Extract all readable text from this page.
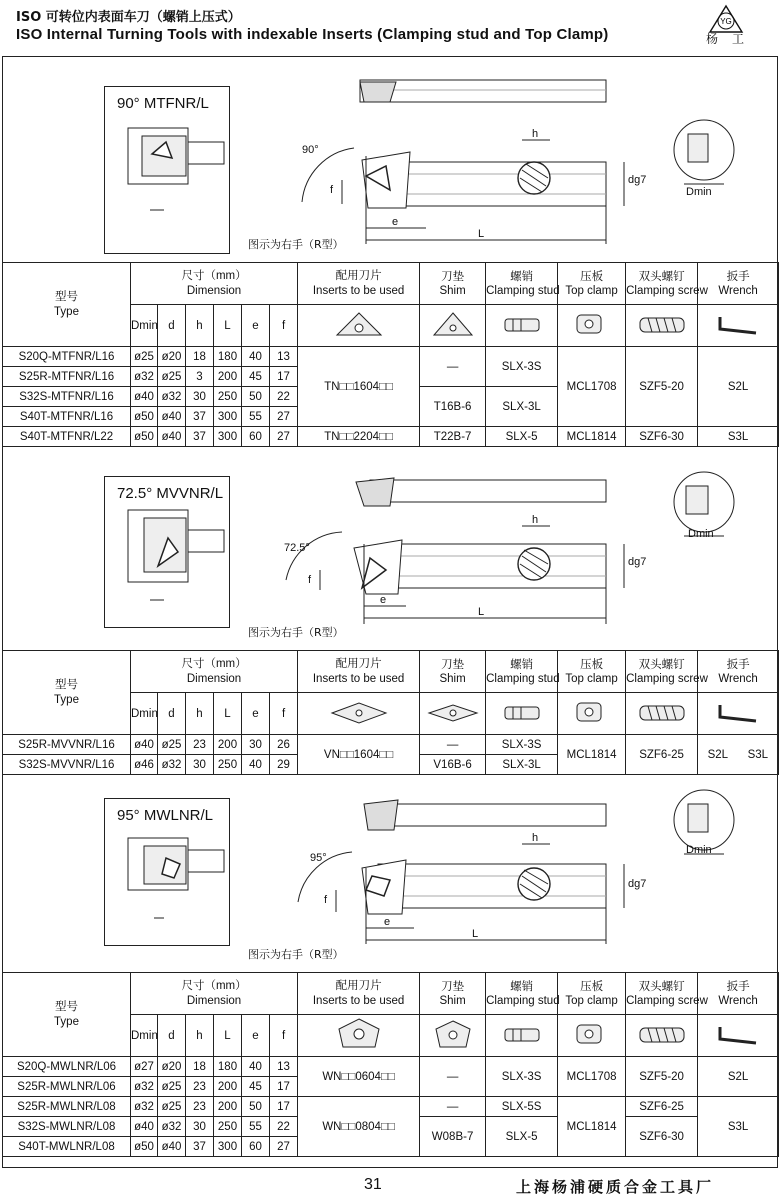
ISO 可转位内表面车刀（螺销上压式）
ISO Internal Turning Tools with indexable Inserts (Clamping stud and Top Clamp)
YG
杨工
90° MTFNR/L
h
f
e
L
dg7
90°
Dmin
图示为右手（R型）
型号
Type	尺寸（mm）
Dimension						配用刀片
Inserts to be used	刀垫
Shim	螺销
Clamping stud	压板
Top clamp	双头螺钉
Clamping screw	扳手
Wrench
	Dmin	d	h	L	e	f						
S20Q-MTFNR/L16	ø25	ø20	18	180	40	13	TN□□1604□□	—	SLX-3S	MCL1708	SZF5-20	S2L
S25R-MTFNR/L16	ø32	ø25	3	200	45	17						
S32S-MTFNR/L16	ø40	ø32	30	250	50	22		T16B-6	SLX-3L			
S40T-MTFNR/L16	ø50	ø40	37	300	55	27						
S40T-MTFNR/L22	ø50	ø40	37	300	60	27	TN□□2204□□	T22B-7	SLX-5	MCL1814	SZF6-30	S3L
72.5° MVVNR/L
h
f
e
L
dg7
72.5°
Dmin
图示为右手（R型）
型号
Type	尺寸（mm）
Dimension						配用刀片
Inserts to be used	刀垫
Shim	螺销
Clamping stud	压板
Top clamp	双头螺钉
Clamping screw	扳手
Wrench	
	Dmin	d	h	L	e	f						
S25R-MVVNR/L16	ø40	ø25	23	200	30	26	VN□□1604□□	—	SLX-3S	MCL1814	SZF6-25	S2L	S3L
S32S-MVVNR/L16	ø46	ø32	30	250	40	29		V16B-6	SLX-3L				
95° MWLNR/L
h
f
e
L
dg7
95°
Dmin
图示为右手（R型）
型号
Type	尺寸（mm）
Dimension						配用刀片
Inserts to be used	刀垫
Shim	螺销
Clamping stud	压板
Top clamp	双头螺钉
Clamping screw	扳手
Wrench
	Dmin	d	h	L	e	f						
S20Q-MWLNR/L06	ø27	ø20	18	180	40	13	WN□□0604□□	—	SLX-3S	MCL1708	SZF5-20	S2L
S25R-MWLNR/L06	ø32	ø25	23	200	45	17						
S25R-MWLNR/L08	ø32	ø25	23	200	50	17	WN□□0804□□	—	SLX-5S	MCL1814	SZF6-25	S3L
S32S-MWLNR/L08	ø40	ø32	30	250	55	22		W08B-7	SLX-5		SZF6-30	
S40T-MWLNR/L08	ø50	ø40	37	300	60	27						
31	上海杨浦硬质合金工具厂
